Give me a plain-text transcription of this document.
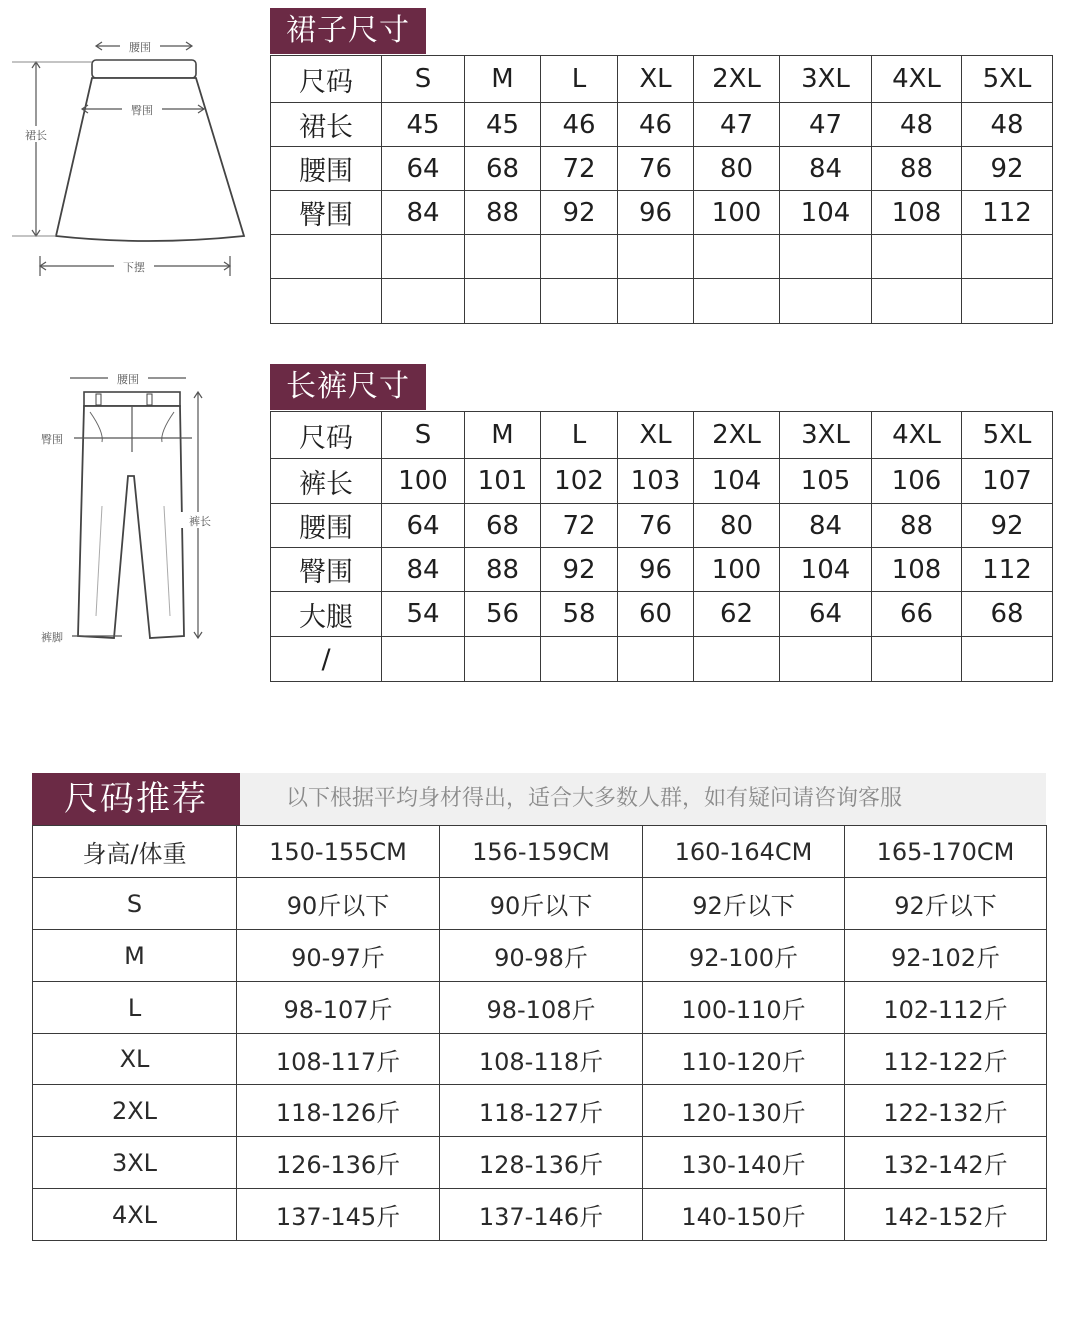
腰围
臀围
裙长
下摆
裙子尺寸
尺码	S	M	L	XL	2XL	3XL	4XL	5XL
裙长	45	45	46	46	47	47	48	48
腰围	64	68	72	76	80	84	88	92
臀围	84	88	92	96	100	104	108	112

腰围
臀围
裤长
裤脚
长裤尺寸
尺码	S	M	L	XL	2XL	3XL	4XL	5XL
裤长	100	101	102	103	104	105	106	107
腰围	64	68	72	76	80	84	88	92
臀围	84	88	92	96	100	104	108	112
大腿	54	56	58	60	62	64	66	68
/								
尺码推荐	以下根据平均身材得出，适合大多数人群，如有疑问请咨询客服
身高/体重	150-155CM	156-159CM	160-164CM	165-170CM
S	90斤以下	90斤以下	92斤以下	92斤以下
M	90-97斤	90-98斤	92-100斤	92-102斤
L	98-107斤	98-108斤	100-110斤	102-112斤
XL	108-117斤	108-118斤	110-120斤	112-122斤
2XL	118-126斤	118-127斤	120-130斤	122-132斤
3XL	126-136斤	128-136斤	130-140斤	132-142斤
4XL	137-145斤	137-146斤	140-150斤	142-152斤
